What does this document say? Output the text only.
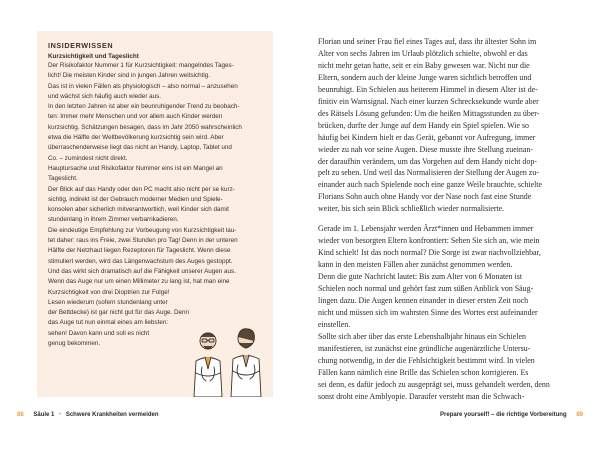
INSIDERWISSEN
Kurzsichtigkeit und Tageslicht
Der Risikofaktor Nummer 1 für Kurzsichtigkeit: mangelndes Tages-
licht! Die meisten Kinder sind in jungen Jahren weitsichtig.
Das ist in vielen Fällen als physiologisch – also normal – anzusehen
und wächst sich häufig auch wieder aus.
In den letzten Jahren ist aber ein beunruhigender Trend zu beobach-
ten: Immer mehr Menschen und vor allem auch Kinder werden
kurzsichtig. Schätzungen besagen, dass im Jahr 2050 wahrscheinlich
etwa die Hälfte der Weltbevölkerung kurzsichtig sein wird. Aber
überraschenderweise liegt das nicht an Handy, Laptop, Tablet und
Co. – zumindest nicht direkt.
Hauptursache und Risikofaktor Nummer eins ist ein Mangel an
Tageslicht.
Der Blick auf das Handy oder den PC macht also nicht per se kurz-
sichtig, indirekt ist der Gebrauch moderner Medien und Spiele-
konsolen aber sicherlich mitverantwortlich, weil Kinder sich damit
stundenlang in ihrem Zimmer verbarrikadieren.
Die eindeutige Empfehlung zur Vorbeugung von Kurzsichtigkeit lau-
tet daher: raus ins Freie, zwei Stunden pro Tag! Denn in der unteren
Hälfte der Netzhaut liegen Rezeptoren für Tageslicht. Wenn diese
stimuliert werden, wird das Längenwachstum des Auges gestoppt.
Und das wirkt sich dramatisch auf die Fähigkeit unserer Augen aus.
Wenn das Auge nur um einen Millimeter zu lang ist, hat man eine
Kurzsichtigkeit von drei Dioptrien zur Folge!
Lesen wiederum (sofern stundenlang unter
der Bettdecke) ist gar nicht gut für das Auge. Denn
das Auge tut nun einmal eines am liebsten:
sehen! Davon kann und soll es nicht
genug bekommen.
Florian und seiner Frau fiel eines Tages auf, dass ihr ältester Sohn im
Alter von sechs Jahren im Urlaub plötzlich schielte, obwohl er das
nicht mehr getan hatte, seit er ein Baby gewesen war. Nicht nur die
Eltern, sondern auch der kleine Junge waren sichtlich betroffen und
beunruhigt. Ein Schielen aus heiterem Himmel in diesem Alter ist de-
finitiv ein Warnsignal. Nach einer kurzen Schrecksekunde wurde aber
des Rätsels Lösung gefunden: Um die heißen Mittagsstunden zu über-
brücken, durfte der Junge auf dem Handy ein Spiel spielen. Wie so
häufig bei Kindern hielt er das Gerät, gebannt vor Aufregung, immer
wieder zu nah vor seine Augen. Diese musste ihre Stellung zueinan-
der daraufhin verändern, um das Vorgehen auf dem Handy nicht dop-
pelt zu sehen. Und weil das Normalisieren der Stellung der Augen zu-
einander auch nach Spielende noch eine ganze Weile brauchte, schielte
Florians Sohn auch ohne Handy vor der Nase noch fast eine Stunde
weiter, bis sich sein Blick schließlich wieder normalisierte.
Gerade im 1. Lebensjahr werden Ärzt*innen und Hebammen immer
wieder von besorgten Eltern konfrontiert: Sehen Sie sich an, wie mein
Kind schielt! Ist das noch normal? Die Sorge ist zwar nachvollziehbar,
kann in den meisten Fällen aber zunächst genommen werden.
Denn die gute Nachricht lautet: Bis zum Alter von 6 Monaten ist
Schielen noch normal und gehört fast zum süßen Anblick von Säug-
lingen dazu. Die Augen kennen einander in dieser ersten Zeit noch
nicht und müssen sich im wahrsten Sinne des Wortes erst aufeinander
einstellen.
Sollte sich aber über das erste Lebenshalbjahr hinaus ein Schielen
manifestieren, ist zunächst eine gründliche augenärztliche Untersu-
chung notwendig, in der die Fehlsichtigkeit bestimmt wird. In vielen
Fällen kann nämlich eine Brille das Schielen schon korrigieren. Es
sei denn, es dafür jedoch zu ausgeprägt sei, muss gehandelt werden, denn
sonst droht eine Amblyopie. Daraufer versteht man die Schwach-
88 Säule 1 • Schwere Krankheiten vermeiden	Prepare yourself! – die richtige Vorbereitung 89
